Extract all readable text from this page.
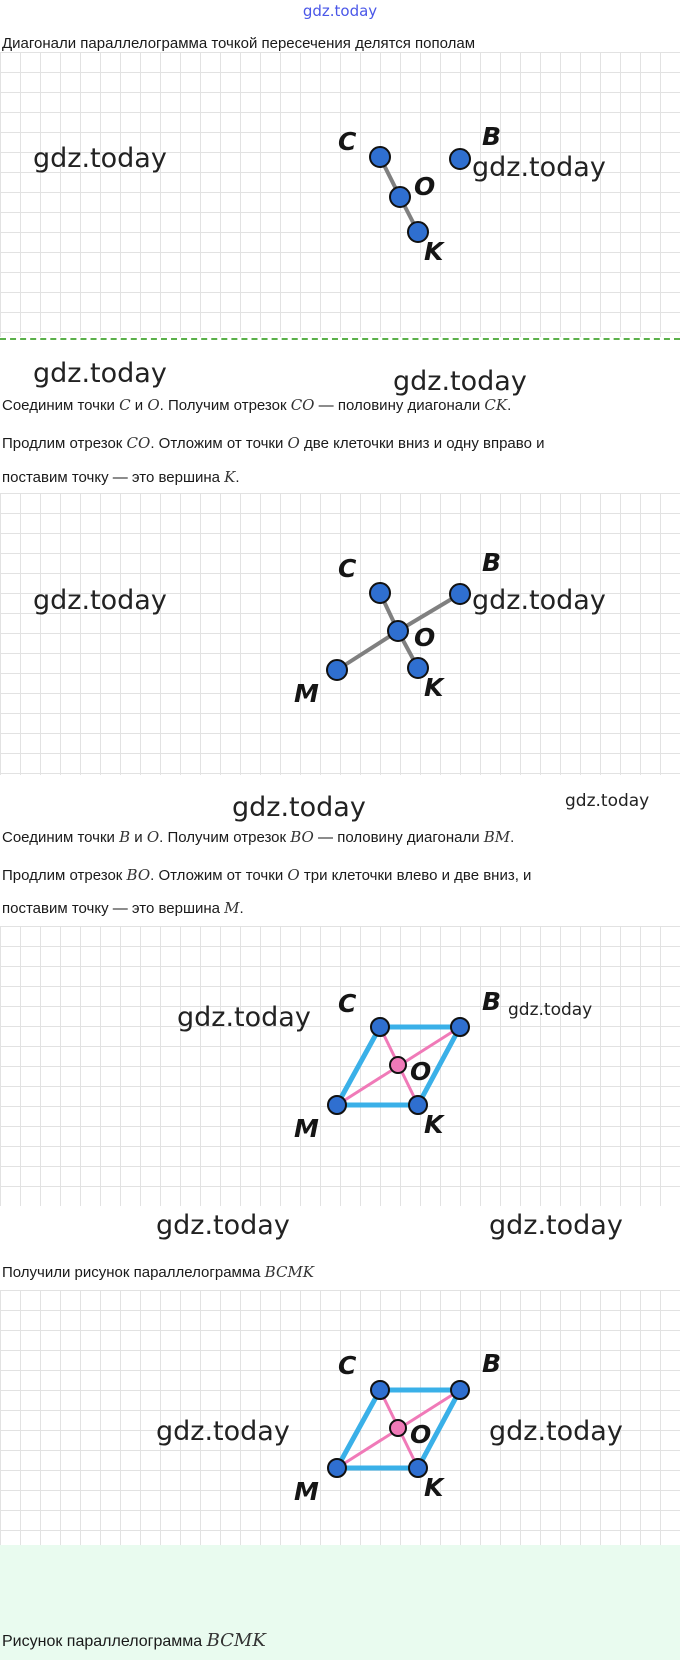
gdz.today
Диагонали параллелограмма точкой пересечения делятся пополам
gdz.today	gdz.today
C	B
O
K
gdz.today	gdz.today
Соединим точки C и O. Получим отрезок CO — половину диагонали CK.
Продлим отрезок CO. Отложим от точки O две клеточки вниз и одну вправо и
поставим точку — это вершина K.
gdz.today	gdz.today
C	B
O
K
M
gdz.today	gdz.today
Соединим точки B и O. Получим отрезок BO — половину диагонали BM.
Продлим отрезок BO. Отложим от точки O три клеточки влево и две вниз, и
поставим точку — это вершина M.
gdz.today	gdz.today
C	B
O
K
M
gdz.today	gdz.today
Получили рисунок параллелограмма BCMK
gdz.today	gdz.today
C	B
O
K
M
Рисунок параллелограмма BCMK
